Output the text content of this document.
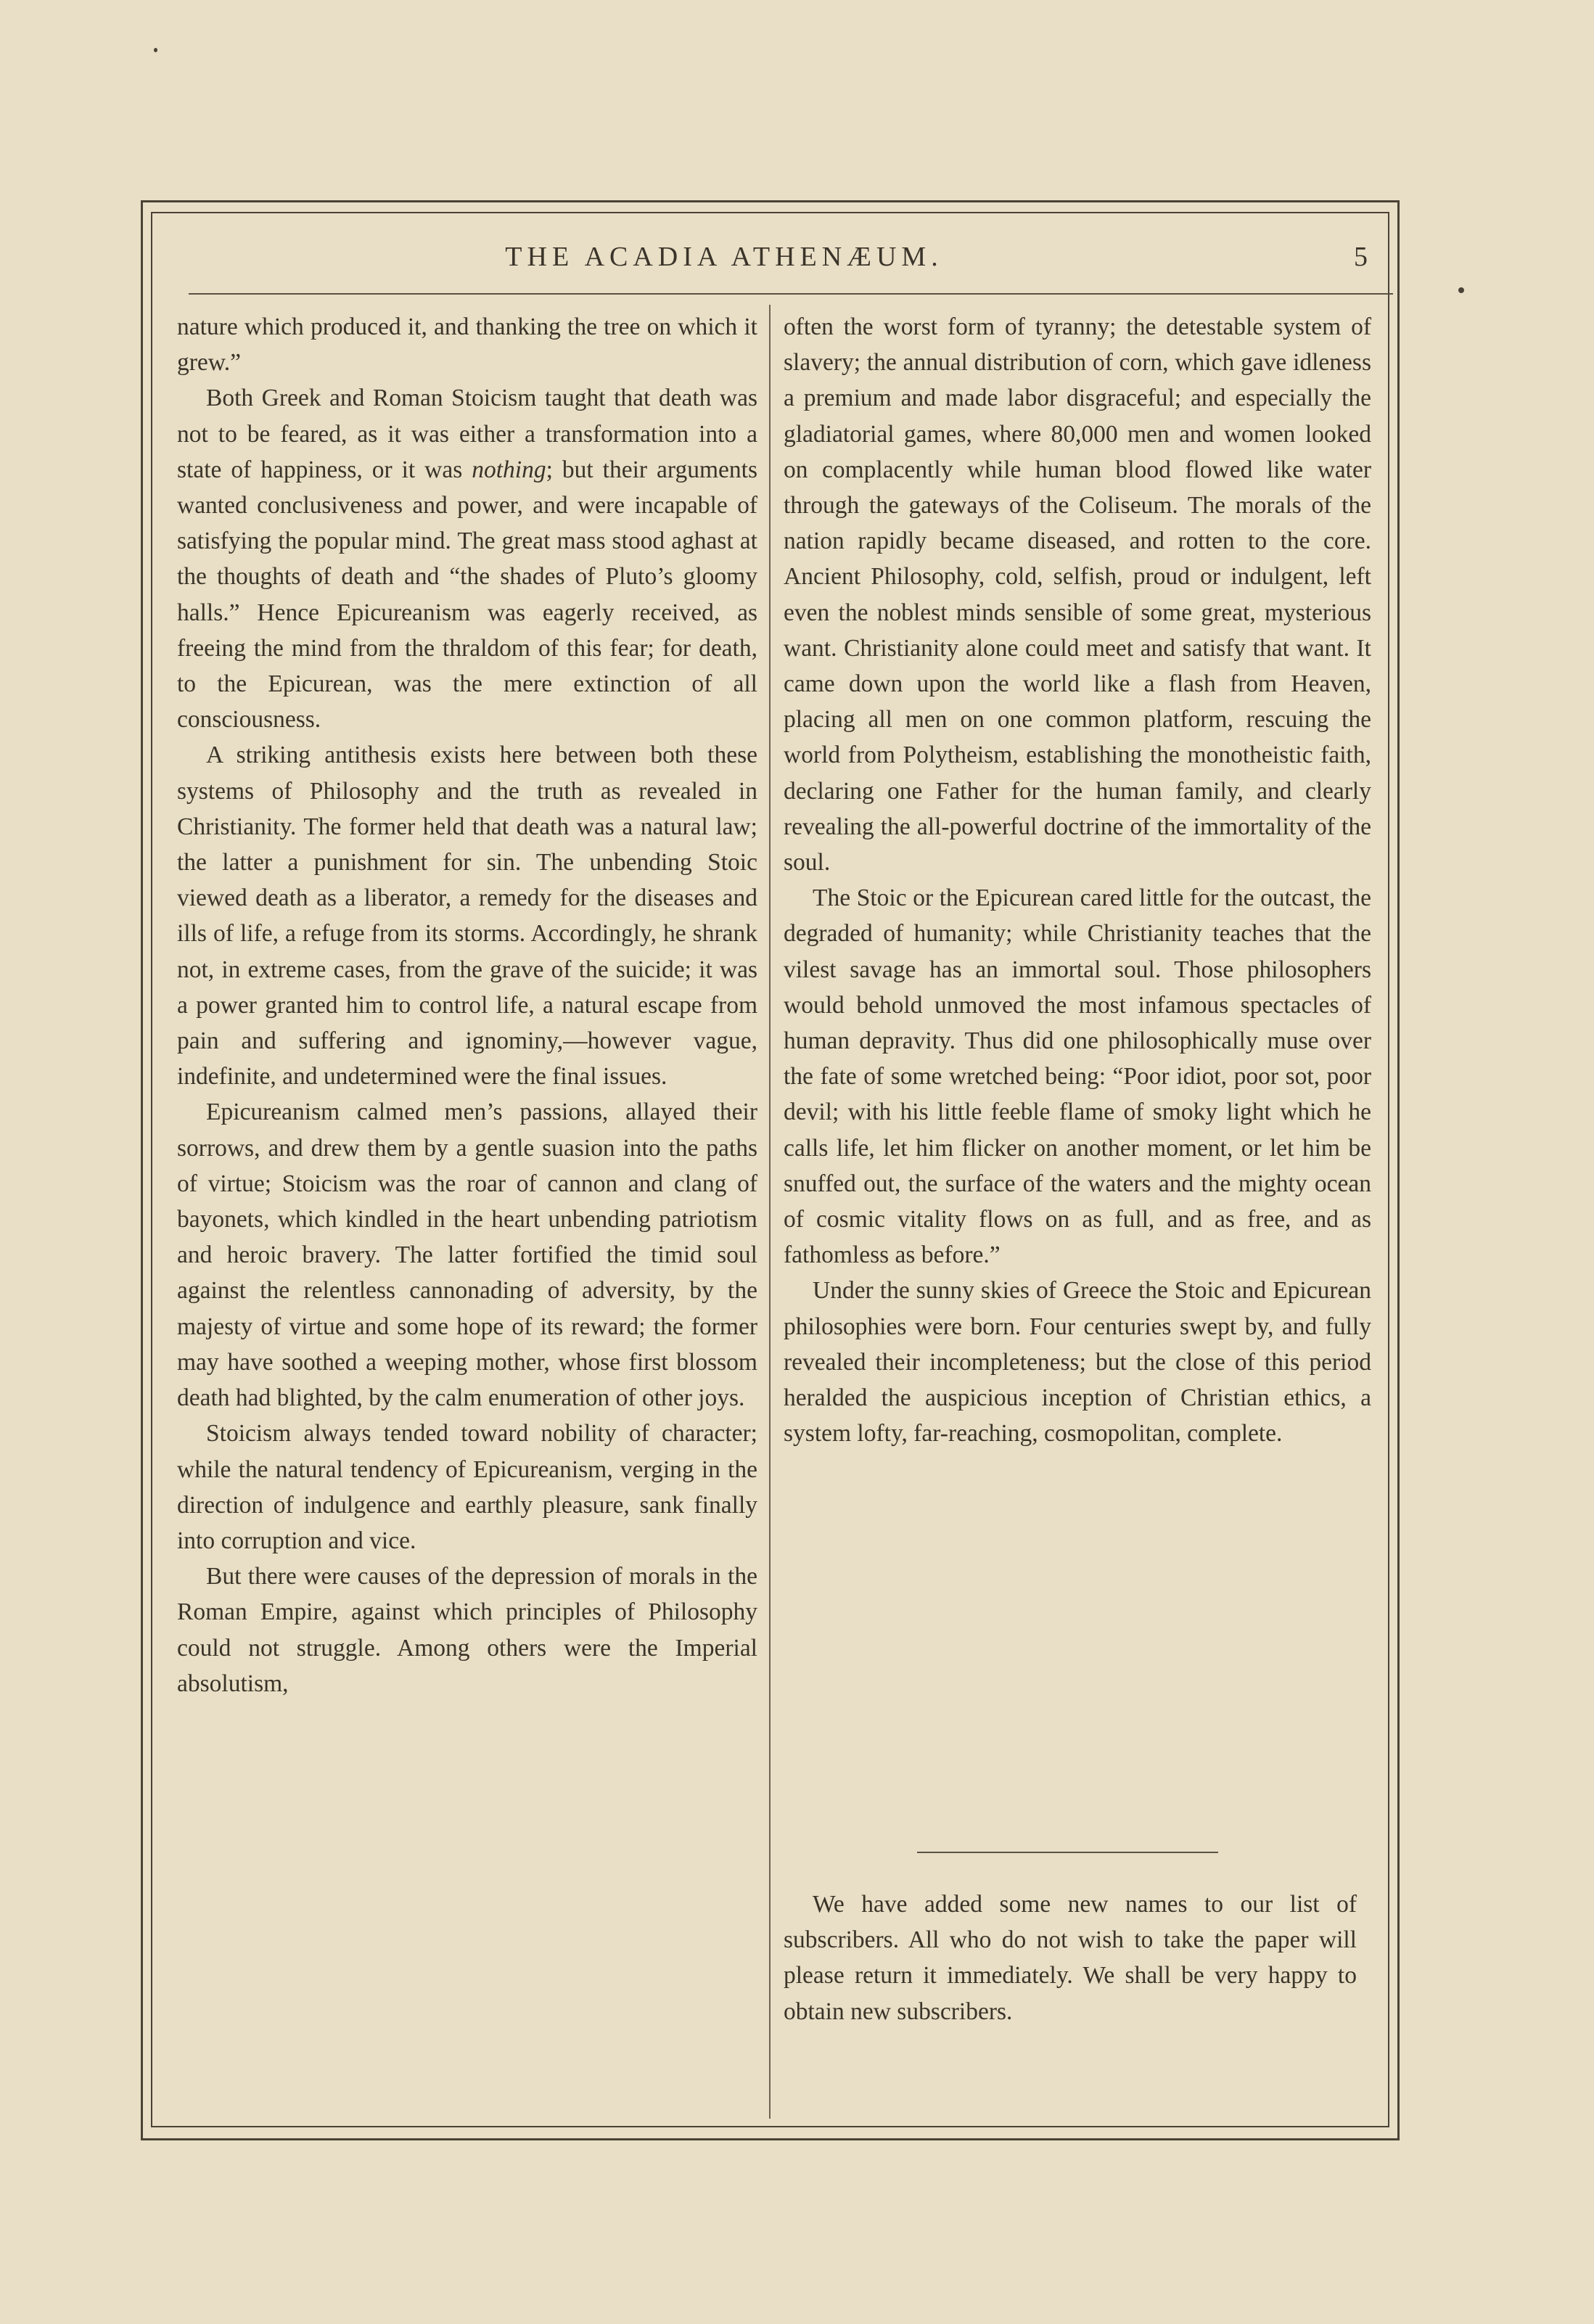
THE ACADIA ATHENÆUM.	5

nature which produced it, and thanking the tree on which it grew.”

Both Greek and Roman Stoicism taught that death was not to be feared, as it was either a transformation into a state of happiness, or it was nothing; but their arguments wanted conclusiveness and power, and were incapable of satisfying the popular mind. The great mass stood aghast at the thoughts of death and “the shades of Pluto’s gloomy halls.” Hence Epicureanism was eagerly received, as freeing the mind from the thraldom of this fear; for death, to the Epicurean, was the mere extinction of all consciousness.

A striking antithesis exists here between both these systems of Philosophy and the truth as revealed in Christianity. The former held that death was a natural law; the latter a punishment for sin. The unbending Stoic viewed death as a liberator, a remedy for the diseases and ills of life, a refuge from its storms. Accordingly, he shrank not, in extreme cases, from the grave of the suicide; it was a power granted him to control life, a natural escape from pain and suffering and ignominy,—however vague, indefinite, and undetermined were the final issues.

Epicureanism calmed men’s passions, allayed their sorrows, and drew them by a gentle suasion into the paths of virtue; Stoicism was the roar of cannon and clang of bayonets, which kindled in the heart unbending patriotism and heroic bravery. The latter fortified the timid soul against the relentless cannonading of adversity, by the majesty of virtue and some hope of its reward; the former may have soothed a weeping mother, whose first blossom death had blighted, by the calm enumeration of other joys.

Stoicism always tended toward nobility of character; while the natural tendency of Epicureanism, verging in the direction of indulgence and earthly pleasure, sank finally into corruption and vice.

But there were causes of the depression of morals in the Roman Empire, against which principles of Philosophy could not struggle. Among others were the Imperial absolutism,

often the worst form of tyranny; the detestable system of slavery; the annual distribution of corn, which gave idleness a premium and made labor disgraceful; and especially the gladiatorial games, where 80,000 men and women looked on complacently while human blood flowed like water through the gateways of the Coliseum. The morals of the nation rapidly became diseased, and rotten to the core. Ancient Philosophy, cold, selfish, proud or indulgent, left even the noblest minds sensible of some great, mysterious want. Christianity alone could meet and satisfy that want. It came down upon the world like a flash from Heaven, placing all men on one common platform, rescuing the world from Polytheism, establishing the monotheistic faith, declaring one Father for the human family, and clearly revealing the all-powerful doctrine of the immortality of the soul.

The Stoic or the Epicurean cared little for the outcast, the degraded of humanity; while Christianity teaches that the vilest savage has an immortal soul. Those philosophers would behold unmoved the most infamous spectacles of human depravity. Thus did one philosophically muse over the fate of some wretched being: “Poor idiot, poor sot, poor devil; with his little feeble flame of smoky light which he calls life, let him flicker on another moment, or let him be snuffed out, the surface of the waters and the mighty ocean of cosmic vitality flows on as full, and as free, and as fathomless as before.”

Under the sunny skies of Greece the Stoic and Epicurean philosophies were born. Four centuries swept by, and fully revealed their incompleteness; but the close of this period heralded the auspicious inception of Christian ethics, a system lofty, far-reaching, cosmopolitan, complete.

We have added some new names to our list of subscribers. All who do not wish to take the paper will please return it immediately. We shall be very happy to obtain new subscribers.
